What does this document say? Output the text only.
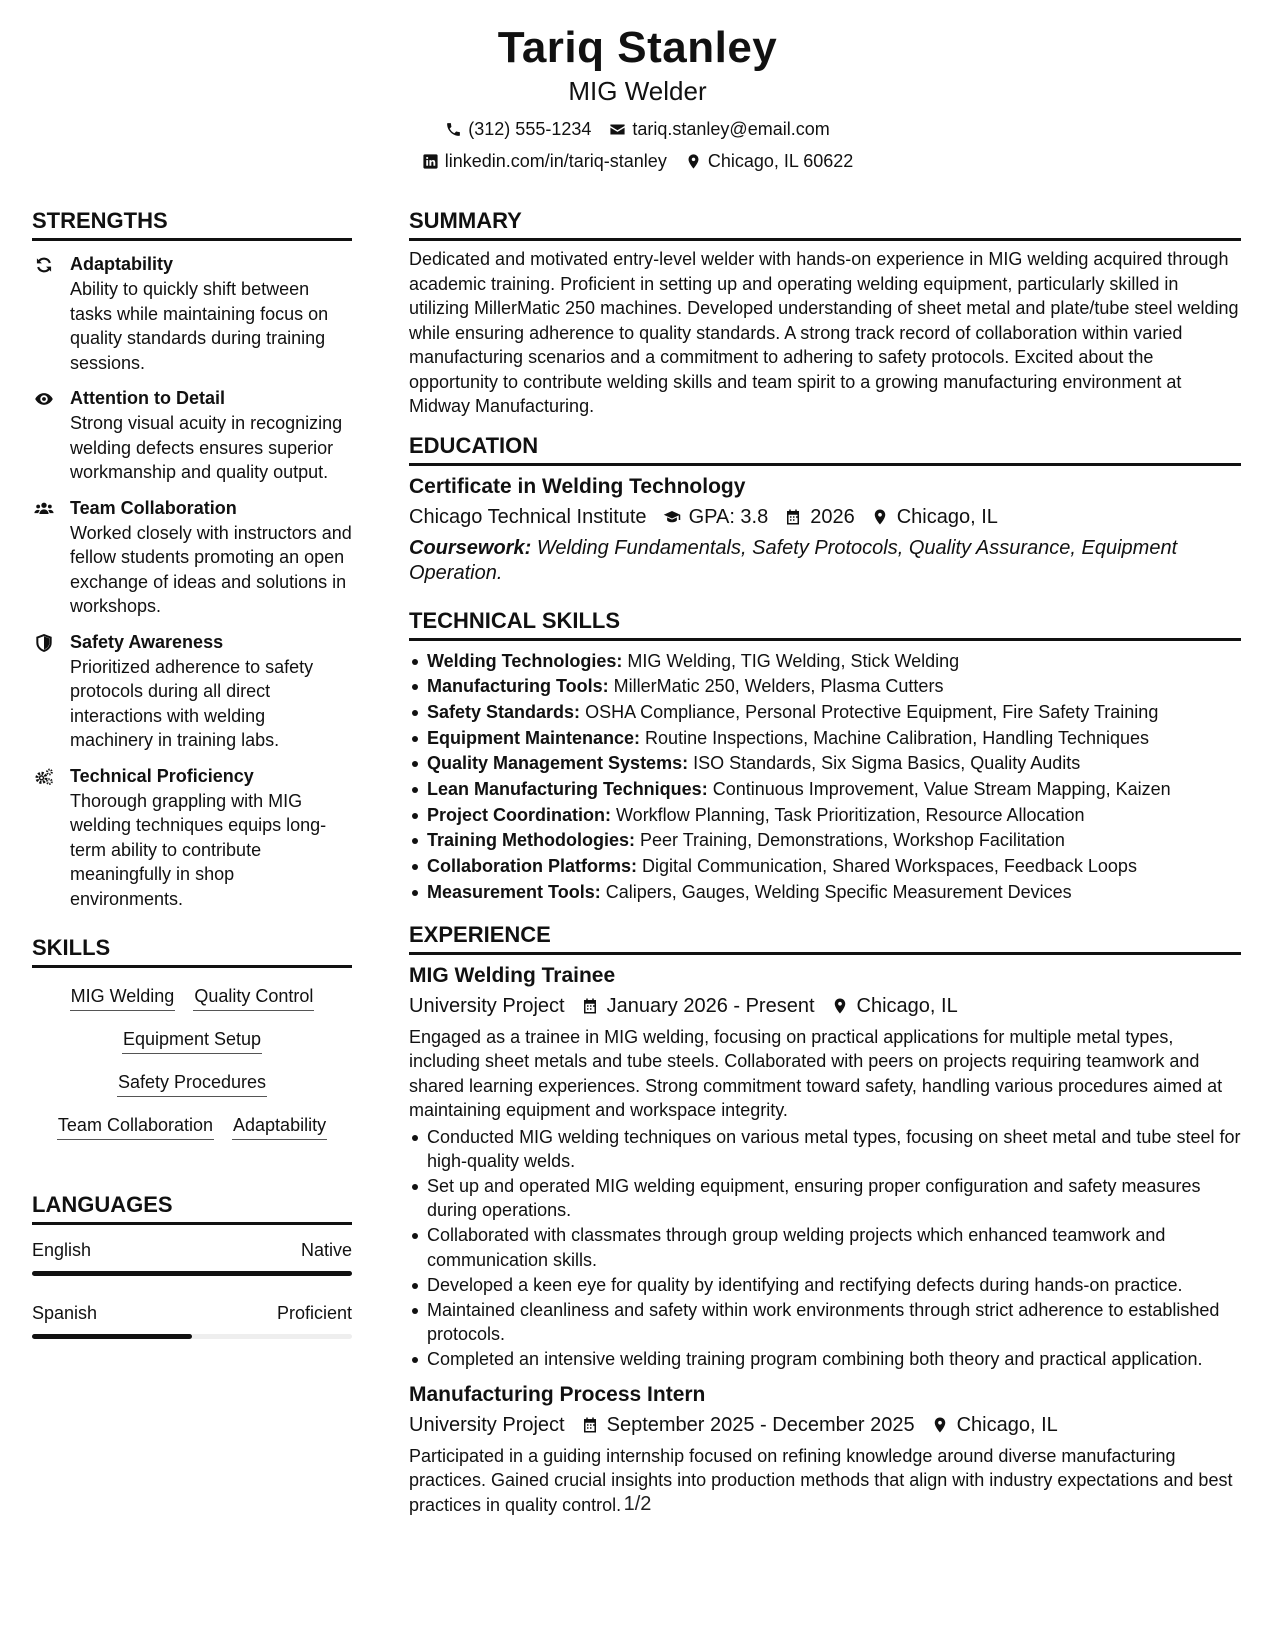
Tariq Stanley
MIG Welder
(312) 555-1234 tariq.stanley@email.com
linkedin.com/in/tariq-stanley Chicago, IL 60622
STRENGTHS
Adaptability
Ability to quickly shift between tasks while maintaining focus on quality standards during training sessions.
Attention to Detail
Strong visual acuity in recognizing welding defects ensures superior workmanship and quality output.
Team Collaboration
Worked closely with instructors and fellow students promoting an open exchange of ideas and solutions in workshops.
Safety Awareness
Prioritized adherence to safety protocols during all direct interactions with welding machinery in training labs.
Technical Proficiency
Thorough grappling with MIG welding techniques equips long-term ability to contribute meaningfully in shop environments.
SKILLS
MIG Welding Quality Control
Equipment Setup
Safety Procedures
Team Collaboration Adaptability
LANGUAGES
English	Native
Spanish	Proficient
SUMMARY
Dedicated and motivated entry-level welder with hands-on experience in MIG welding acquired through academic training. Proficient in setting up and operating welding equipment, particularly skilled in utilizing MillerMatic 250 machines. Developed understanding of sheet metal and plate/tube steel welding while ensuring adherence to quality standards. A strong track record of collaboration within varied manufacturing scenarios and a commitment to adhering to safety protocols. Excited about the opportunity to contribute welding skills and team spirit to a growing manufacturing environment at Midway Manufacturing.
EDUCATION
Certificate in Welding Technology
Chicago Technical Institute GPA: 3.8 2026 Chicago, IL
Coursework: Welding Fundamentals, Safety Protocols, Quality Assurance, Equipment Operation.
TECHNICAL SKILLS
Welding Technologies: MIG Welding, TIG Welding, Stick Welding
Manufacturing Tools: MillerMatic 250, Welders, Plasma Cutters
Safety Standards: OSHA Compliance, Personal Protective Equipment, Fire Safety Training
Equipment Maintenance: Routine Inspections, Machine Calibration, Handling Techniques
Quality Management Systems: ISO Standards, Six Sigma Basics, Quality Audits
Lean Manufacturing Techniques: Continuous Improvement, Value Stream Mapping, Kaizen
Project Coordination: Workflow Planning, Task Prioritization, Resource Allocation
Training Methodologies: Peer Training, Demonstrations, Workshop Facilitation
Collaboration Platforms: Digital Communication, Shared Workspaces, Feedback Loops
Measurement Tools: Calipers, Gauges, Welding Specific Measurement Devices
EXPERIENCE
MIG Welding Trainee
University Project January 2026 - Present Chicago, IL
Engaged as a trainee in MIG welding, focusing on practical applications for multiple metal types, including sheet metals and tube steels. Collaborated with peers on projects requiring teamwork and shared learning experiences. Strong commitment toward safety, handling various procedures aimed at maintaining equipment and workspace integrity.
Conducted MIG welding techniques on various metal types, focusing on sheet metal and tube steel for high-quality welds.
Set up and operated MIG welding equipment, ensuring proper configuration and safety measures during operations.
Collaborated with classmates through group welding projects which enhanced teamwork and communication skills.
Developed a keen eye for quality by identifying and rectifying defects during hands-on practice.
Maintained cleanliness and safety within work environments through strict adherence to established protocols.
Completed an intensive welding training program combining both theory and practical application.
Manufacturing Process Intern
University Project September 2025 - December 2025 Chicago, IL
Participated in a guiding internship focused on refining knowledge around diverse manufacturing practices. Gained crucial insights into production methods that align with industry expectations and best practices in quality control. 1/2
